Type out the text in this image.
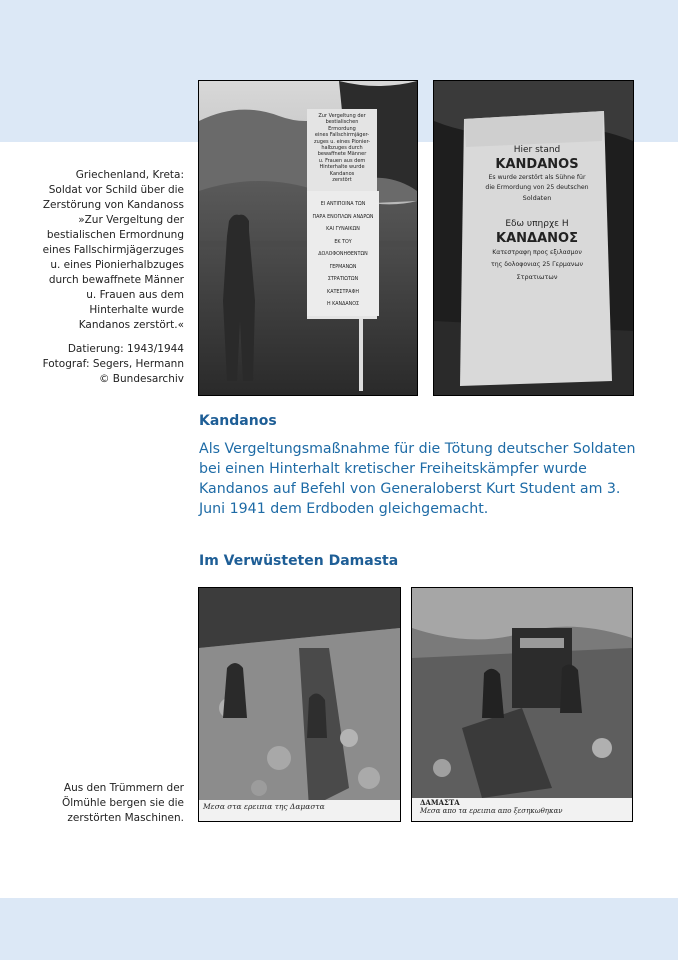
Griechenland, Kreta:

Soldat vor Schild über die

Zerstörung von Kandanoss

»Zur Vergeltung der

bestialischen Ermordnung

eines Fallschirmjägerzuges

u. eines Pionierhalbzuges

durch bewaffnete Männer

u. Frauen aus dem

Hinterhalte wurde

Kandanos zerstört.«

Datierung: 1943/1944

Fotograf: Segers, Hermann

© Bundesarchiv

Zur Vergeltung der
bestialischen
Ermordung
eines Fallschirmjäger-
zuges u. eines Pionier-
halbzuges durch
bewaffnete Männer
u. Frauen aus dem
Hinterhalte wurde
Kandanos
zerstört
ΕΙ ΑΝΤΙΠΟΙΝΑ ΤΩΝ
ΠΑΡΑ ΕΝΟΠΛΩΝ ΑΝΔΡΩΝ
ΚΑΙ ΓΥΝΑΙΚΩΝ
ΕΚ ΤΟΥ ΔΟΛΟΦΟΝΗΘΕΝΤΩΝ
ΓΕΡΜΑΝΩΝ
ΣΤΡΑΤΙΩΤΩΝ
ΚΑΤΕΣΤΡΑΦΗ
Η ΚΑΝΔΑΝΟΣ
Hier stand
KANDANOS
Es wurde zerstört als Sühne für
die Ermordung von 25 deutschen
Soldaten
Εδω υπηρχε Η
ΚΑΝΔΑΝΟΣ
Κατεστραφη προς εξιλασμον
της δολοφονιας 25 Γερμανων
Στρατιωτων
Kandanos

Als Vergeltungsmaßnahme für die Tötung deutscher Soldaten bei einen Hinterhalt kretischer Freiheitskämpfer wurde Kandanos auf Befehl von Generaloberst Kurt Student am 3. Juni 1941 dem Erdboden gleichgemacht.

Im Verwüsteten Damasta
Μεσα στα ερειπια της Δαμαστα	ΔΑΜΑΣΤΑ
Μεσα απο τα ερειπια απο ξεσηκωθηκαν

Aus den Trümmern der

Ölmühle bergen sie die

zerstörten Maschinen.
